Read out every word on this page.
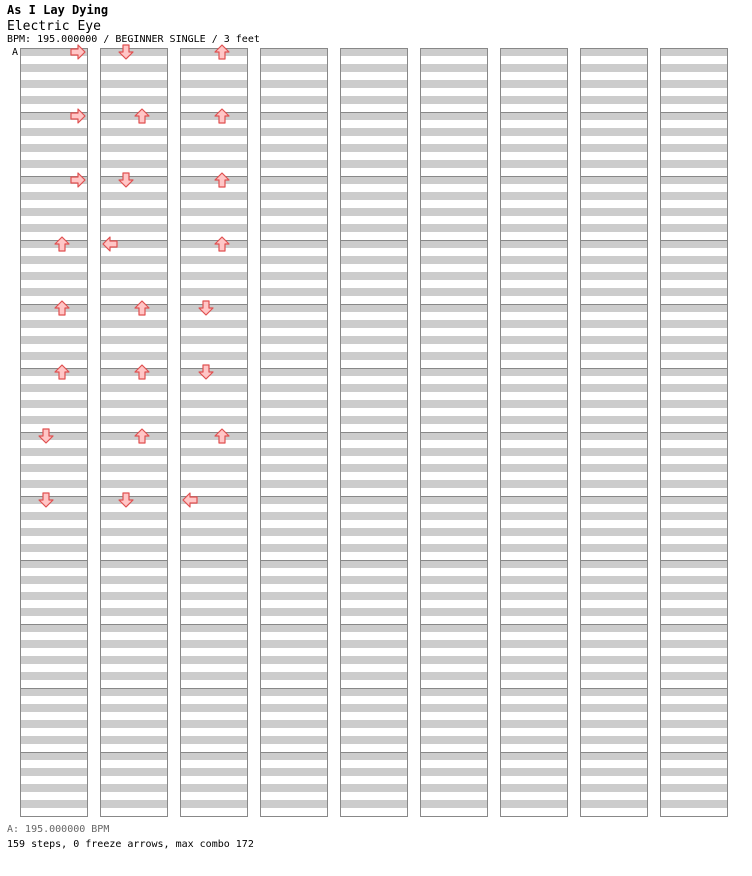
As I Lay Dying
Electric Eye
BPM: 195.000000 / BEGINNER SINGLE / 3 feet
A
A: 195.000000 BPM
159 steps, 0 freeze arrows, max combo 172
